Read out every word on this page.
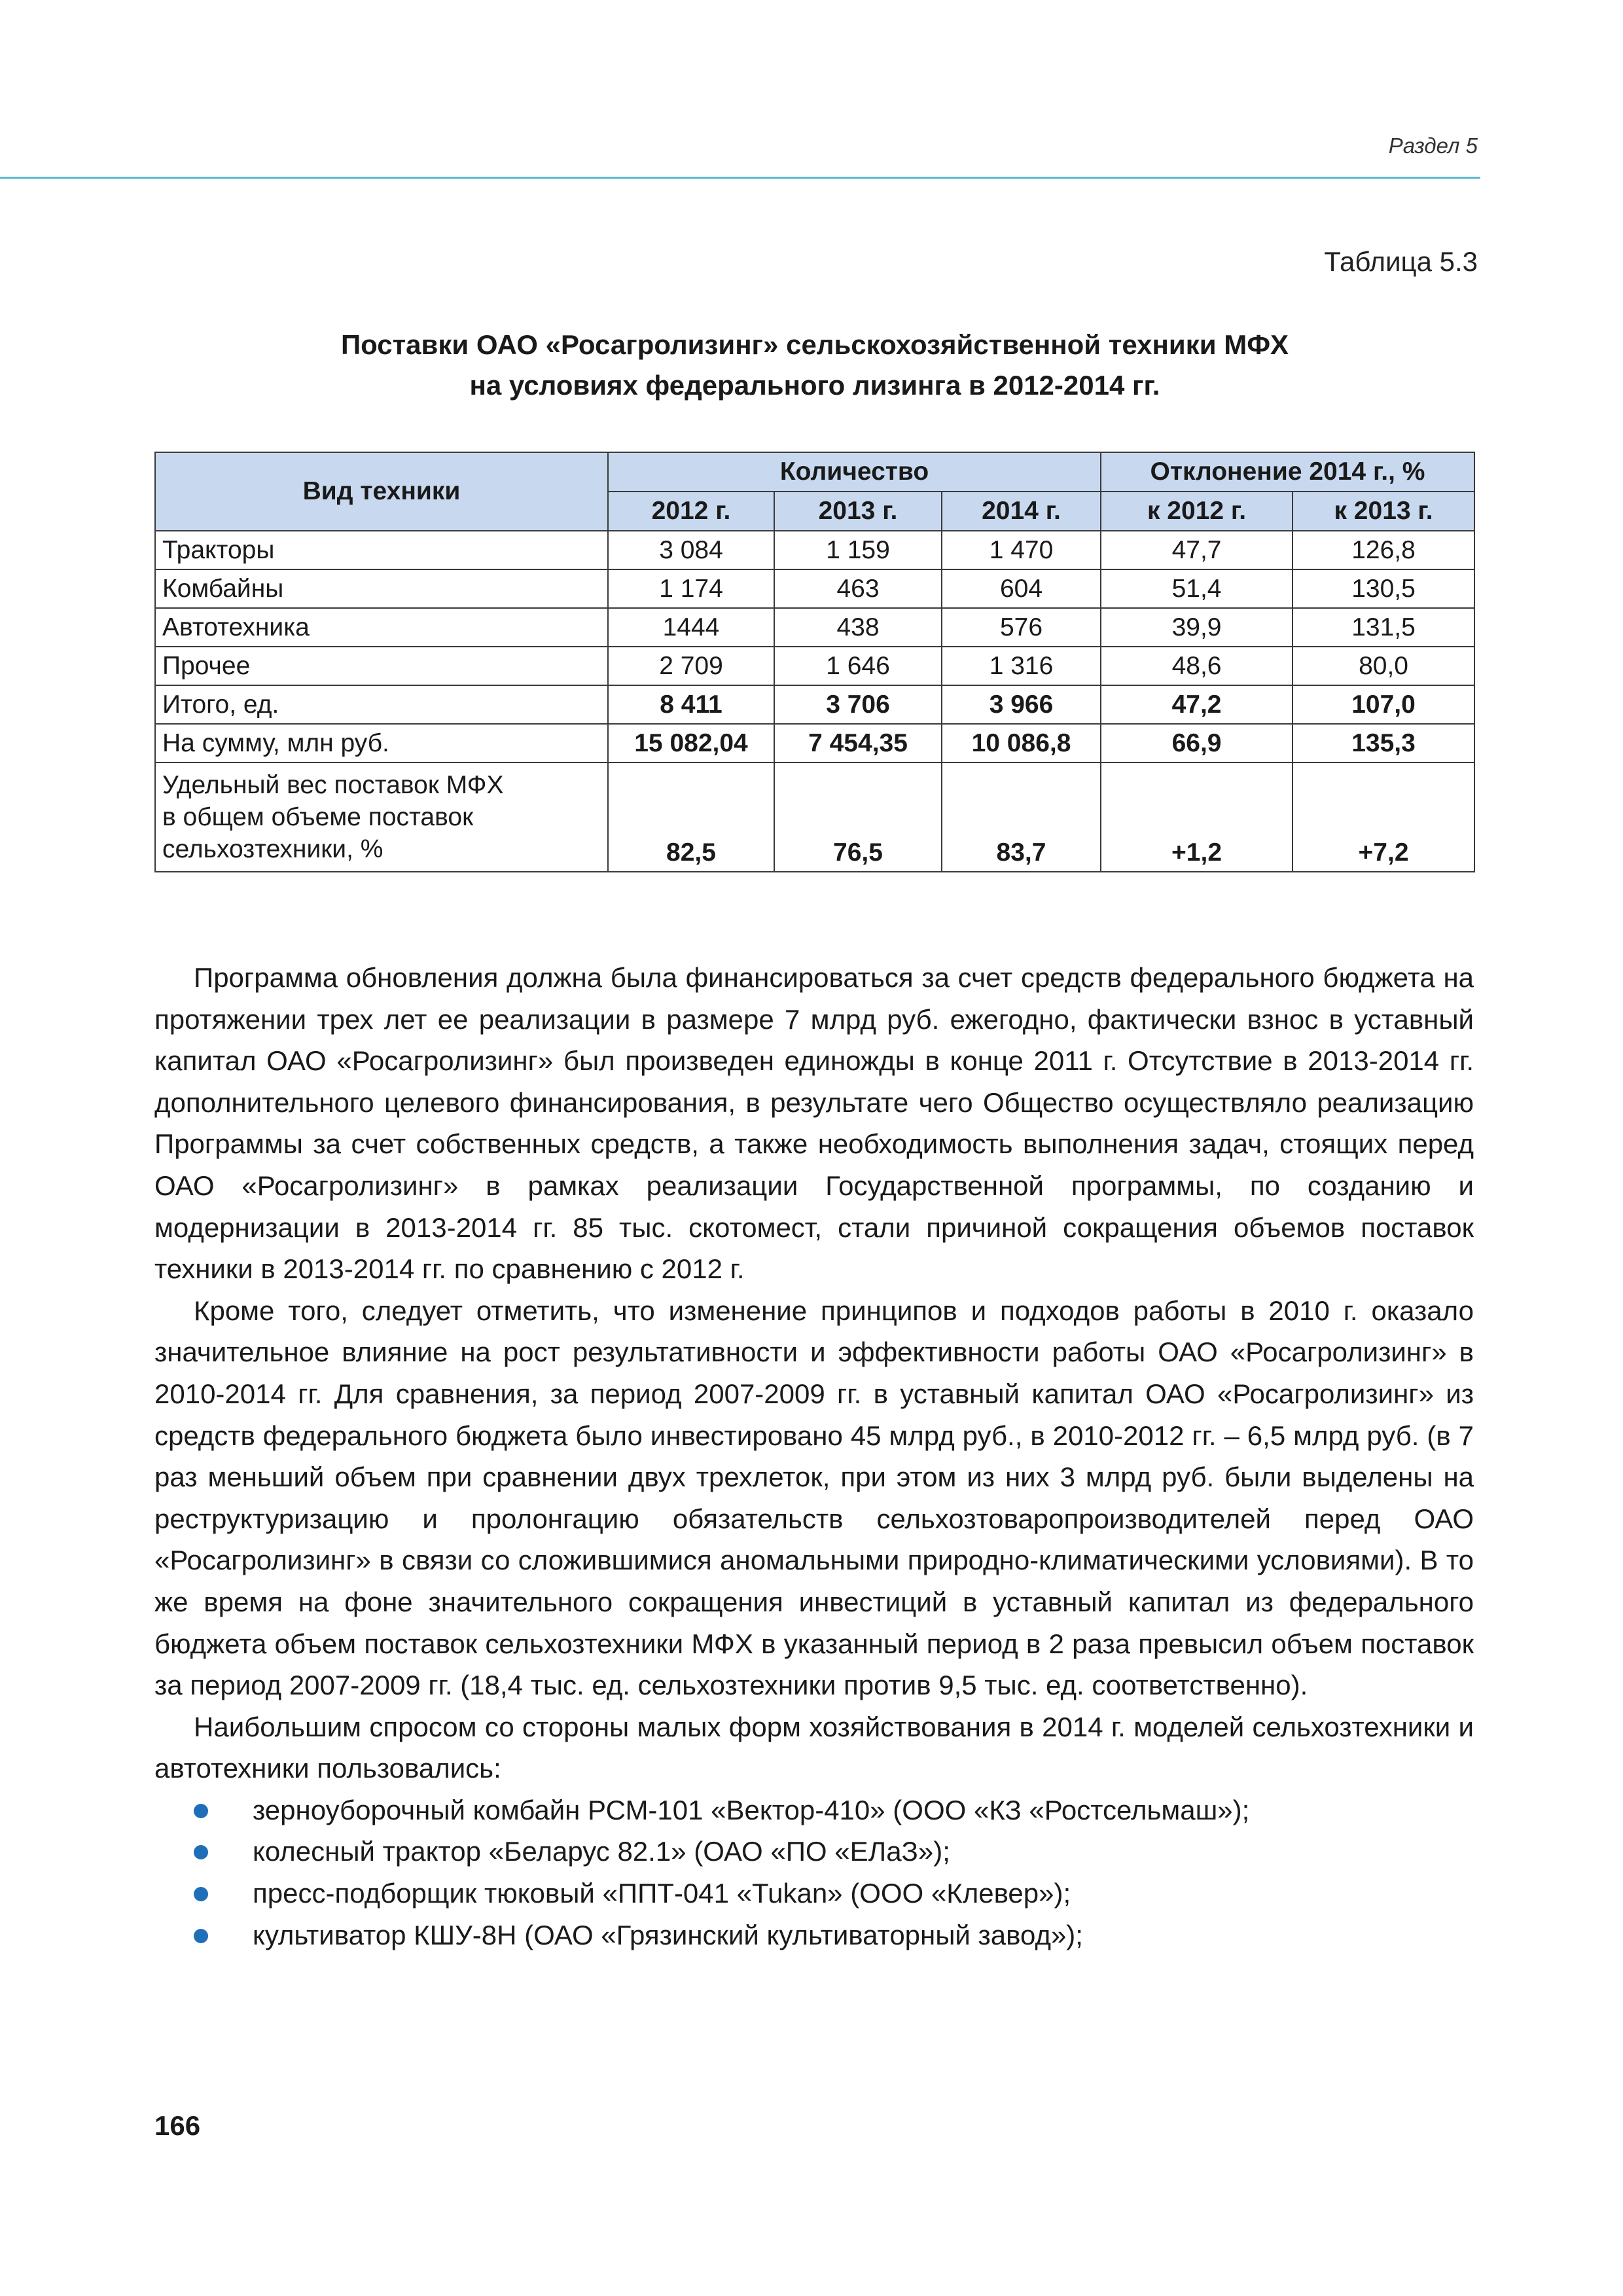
Раздел 5
Таблица 5.3
Поставки ОАО «Росагролизинг» сельскохозяйственной техники МФХ
на условиях федерального лизинга в 2012-2014 гг.
Вид техники	Количество			Отклонение 2014 г., %	
	2012 г.	2013 г.	2014 г.	к 2012 г.	к 2013 г.
Тракторы	3 084	1 159	1 470	47,7	126,8
Комбайны	1 174	463	604	51,4	130,5
Автотехника	1444	438	576	39,9	131,5
Прочее	2 709	1 646	1 316	48,6	80,0
Итого, ед.	8 411	3 706	3 966	47,2	107,0
На сумму, млн руб.	15 082,04	7 454,35	10 086,8	66,9	135,3

Удельный вес поставок МФХ
в общем объеме поставок
сельхозтехники, %	82,5	76,5	83,7	+1,2	+7,2

Программа обновления должна была финансироваться за счет средств федерального бюджета на протяжении трех лет ее реализации в размере 7 млрд руб. ежегодно, фактически взнос в уставный капитал ОАО «Росагролизинг» был произведен единожды в конце 2011 г. Отсутствие в 2013-2014 гг. дополнительного целевого финансирования, в результате чего Общество осуществляло реализацию Программы за счет собственных средств, а также необходимость выполнения задач, стоящих перед ОАО «Росагролизинг» в рамках реализации Государственной программы, по созданию и модернизации в 2013-2014 гг. 85 тыс. скотомест, стали причиной сокращения объемов поставок техники в 2013-2014 гг. по сравнению с 2012 г.

Кроме того, следует отметить, что изменение принципов и подходов работы в 2010 г. оказало значительное влияние на рост результативности и эффективности работы ОАО «Росагролизинг» в 2010-2014 гг. Для сравнения, за период 2007-2009 гг. в уставный капитал ОАО «Росагролизинг» из средств федерального бюджета было инвестировано 45 млрд руб., в 2010-2012 гг. – 6,5 млрд руб. (в 7 раз меньший объем при сравнении двух трехлеток, при этом из них 3 млрд руб. были выделены на реструктуризацию и пролонгацию обязательств сельхозтоваропроизводителей перед ОАО «Росагролизинг» в связи со сложившимися аномальными природно-климатическими условиями). В то же время на фоне значительного сокращения инвестиций в уставный капитал из федерального бюджета объем поставок сельхозтехники МФХ в указанный период в 2 раза превысил объем поставок за период 2007-2009 гг. (18,4 тыс. ед. сельхозтехники против 9,5 тыс. ед. соответственно).

Наибольшим спросом со стороны малых форм хозяйствования в 2014 г. моделей сельхозтехники и автотехники пользовались:

зерноуборочный комбайн РСМ-101 «Вектор-410» (ООО «КЗ «Ростсельмаш»);
колесный трактор «Беларус 82.1» (ОАО «ПО «ЕЛаЗ»);
пресс-подборщик тюковый «ППТ-041 «Tukan» (ООО «Клевер»);
культиватор КШУ-8Н (ОАО «Грязинский культиваторный завод»);
166
